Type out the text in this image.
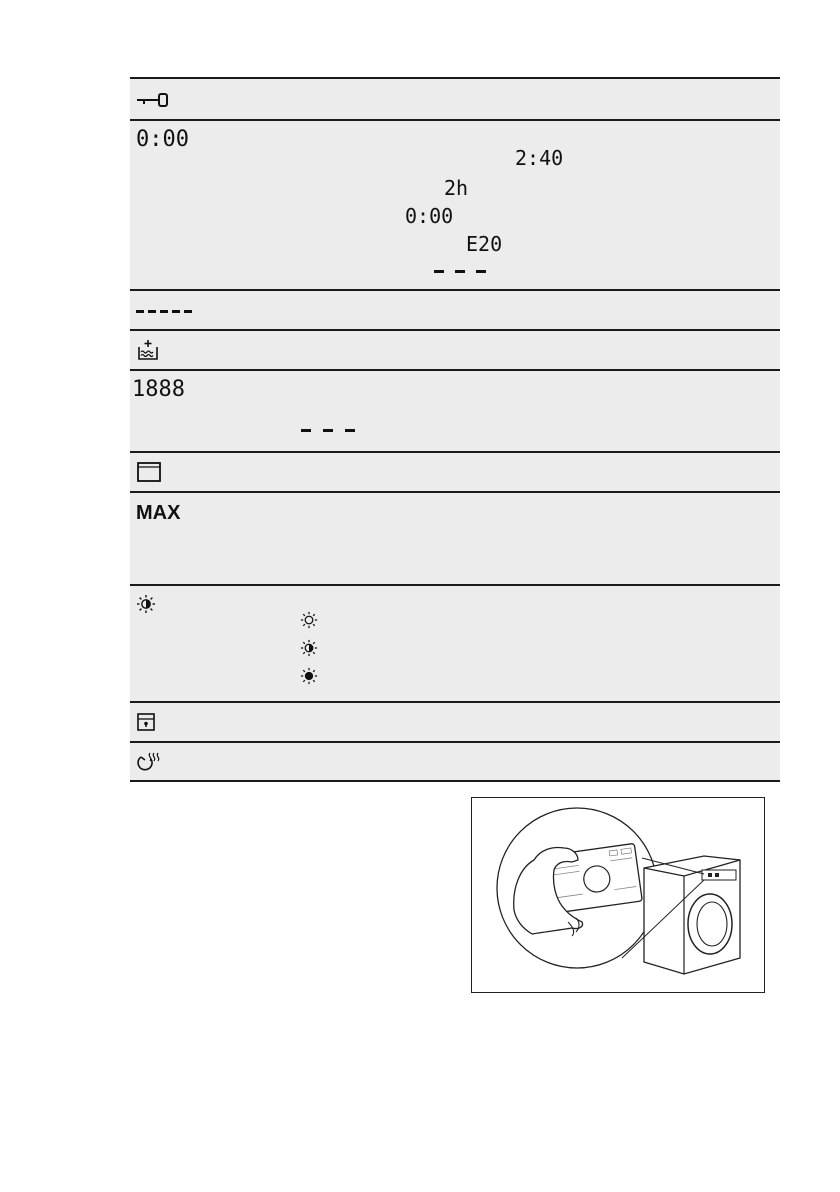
0:00
2:40
2h
0:00
E20
1888
MAX
